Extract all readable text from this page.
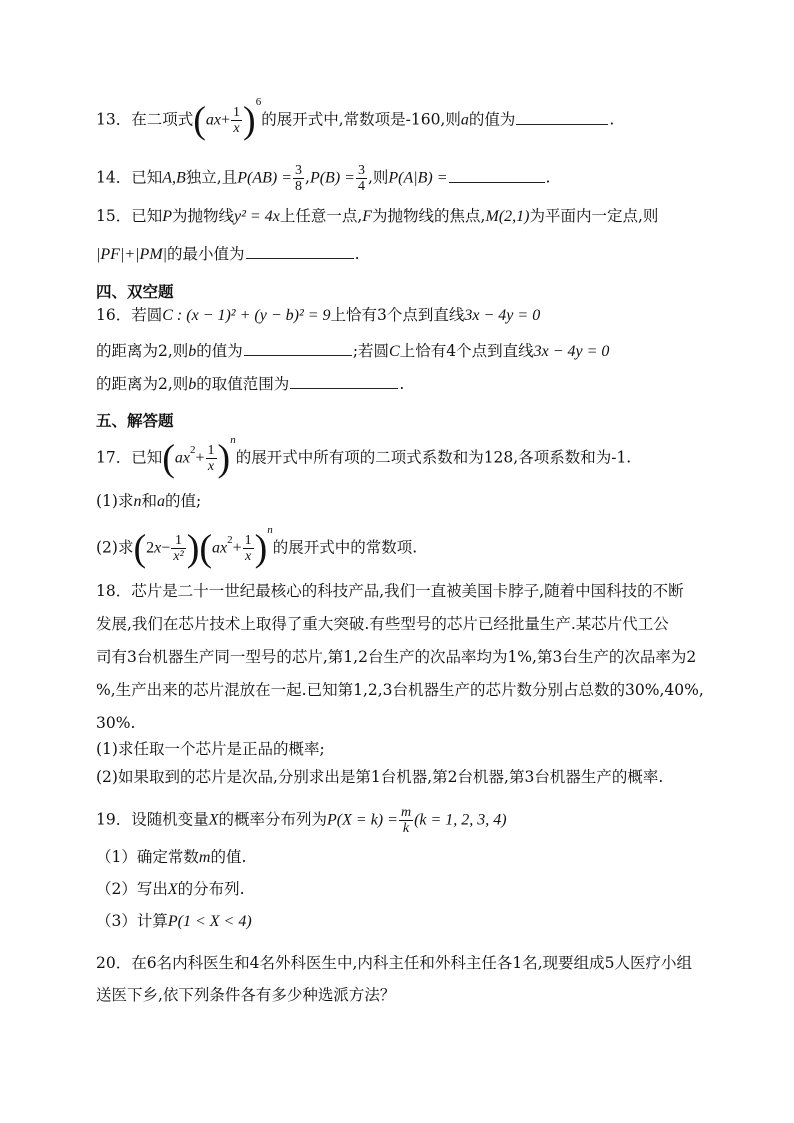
13．在二项式$(ax+ \frac{1}{x} )^6$的展开式中,常数项是-160,则a的值为	.
14．已知A,B独立,且$P(AB) = \frac{3}{8} ,P(B) = \frac{3}{4}$ ,则P(A|B) =	.
15．已知P为抛物线y² = 4x上任意一点,F为抛物线的焦点,M(2,1)为平面内一定点,则
|PF|+|PM|的最小值为	.
四、双空题
16．若圆C : (x − 1)² + (y − b)² = 9上恰有3个点到直线3x − 4y = 0
的距离为2,则b的值为	;若圆C上恰有4个点到直线3x − 4y = 0
的距离为2,则b的取值范围为	.
五、解答题
17．已知$(ax^2+ \frac{1}{x} )^n$的展开式中所有项的二项式系数和为128,各项系数和为-1.
(1)求n和a的值;
(2)求$(2x- \frac{1}{\text{x²}} )(ax^2+ \frac{1}{x} )^n$的展开式中的常数项.
18．芯片是二十一世纪最核心的科技产品,我们一直被美国卡脖子,随着中国科技的不断
发展,我们在芯片技术上取得了重大突破.有些型号的芯片已经批量生产.某芯片代工公
司有3台机器生产同一型号的芯片,第1,2台生产的次品率均为1%,第3台生产的次品率为2
%,生产出来的芯片混放在一起.已知第1,2,3台机器生产的芯片数分别占总数的30%,40%,
30%.
(1)求任取一个芯片是正品的概率;
(2)如果取到的芯片是次品,分别求出是第1台机器,第2台机器,第3台机器生产的概率.
19．设随机变量X的概率分布列为$P(X = k) = \frac{m}{k} (k = 1$, 2, 3, 4)
（1）确定常数m的值.
（2）写出X的分布列.
（3）计算P(1 < X < 4)
20．在6名内科医生和4名外科医生中,内科主任和外科主任各1名,现要组成5人医疗小组
送医下乡,依下列条件各有多少种选派方法？
